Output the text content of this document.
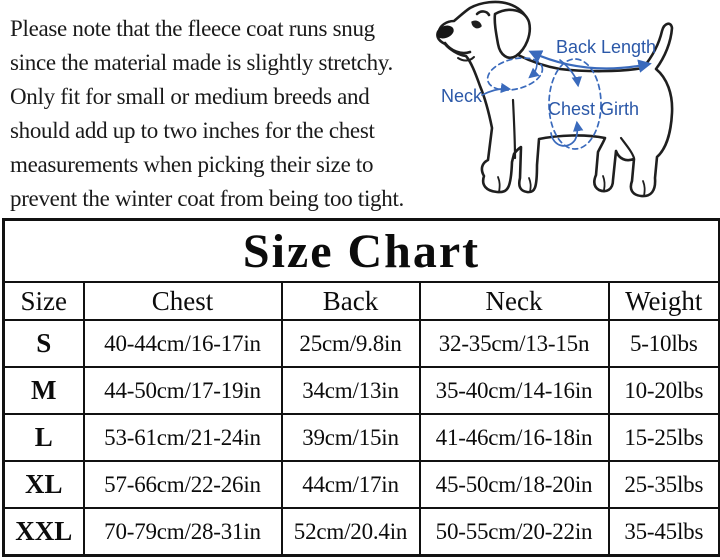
Please note that the fleece coat runs snug
since the material made is slightly stretchy.
Only fit for small or medium breeds and
should add up to two inches for the chest
measurements when picking their size to
prevent the winter coat from being too tight.
Back Length
Neck
Chest Girth
Size Chart				
Size	Chest	Back	Neck	Weight
S	40-44cm/16-17in	25cm/9.8in	32-35cm/13-15n	5-10lbs
M	44-50cm/17-19in	34cm/13in	35-40cm/14-16in	10-20lbs
L	53-61cm/21-24in	39cm/15in	41-46cm/16-18in	15-25lbs
XL	57-66cm/22-26in	44cm/17in	45-50cm/18-20in	25-35lbs
XXL	70-79cm/28-31in	52cm/20.4in	50-55cm/20-22in	35-45lbs
